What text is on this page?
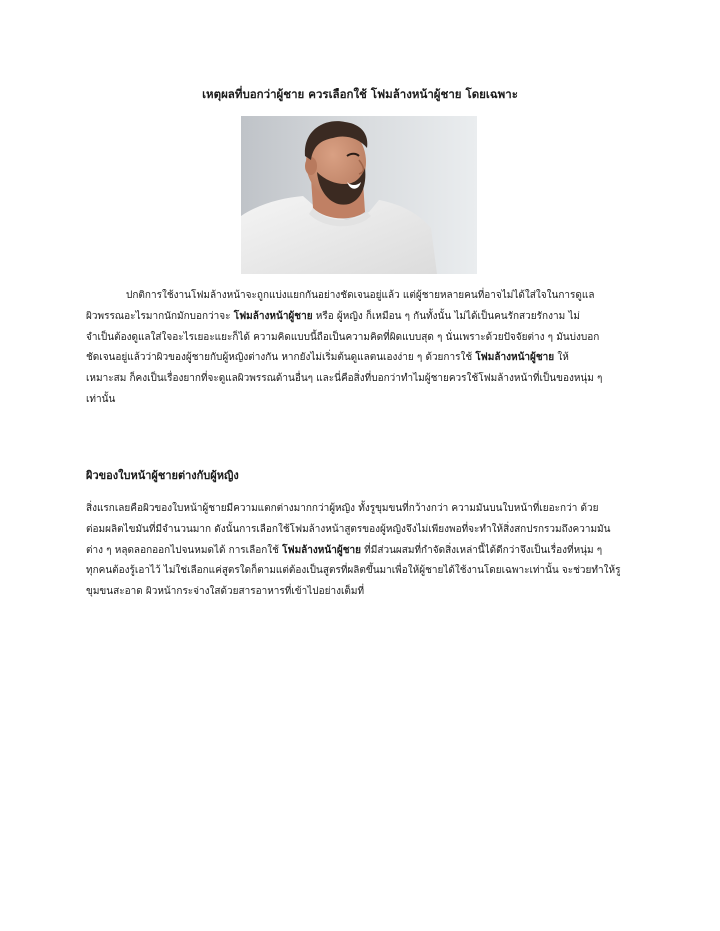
เหตุผลที่บอกว่าผู้ชาย ควรเลือกใช้ โฟมล้างหน้าผู้ชาย โดยเฉพาะ
ปกติการใช้งานโฟมล้างหน้าจะถูกแบ่งแยกกันอย่างชัดเจนอยู่แล้ว แต่ผู้ชายหลายคนที่อาจไม่ได้ใส่ใจในการดูแล
ผิวพรรณอะไรมากนักมักบอกว่าจะ โฟมล้างหน้าผู้ชาย หรือ ผู้หญิง ก็เหมือน ๆ กันทั้งนั้น ไม่ได้เป็นคนรักสวยรักงาม ไม่
จำเป็นต้องดูแลใส่ใจอะไรเยอะแยะก็ได้ ความคิดแบบนี้ถือเป็นความคิดที่ผิดแบบสุด ๆ นั่นเพราะด้วยปัจจัยต่าง ๆ มันบ่งบอก
ชัดเจนอยู่แล้วว่าผิวของผู้ชายกับผู้หญิงต่างกัน หากยังไม่เริ่มต้นดูแลตนเองง่าย ๆ ด้วยการใช้ โฟมล้างหน้าผู้ชาย ให้
เหมาะสม ก็คงเป็นเรื่องยากที่จะดูแลผิวพรรณด้านอื่นๆ และนี่คือสิ่งที่บอกว่าทำไมผู้ชายควรใช้โฟมล้างหน้าที่เป็นของหนุ่ม ๆ
เท่านั้น
ผิวของใบหน้าผู้ชายต่างกับผู้หญิง
สิ่งแรกเลยคือผิวของใบหน้าผู้ชายมีความแตกต่างมากกว่าผู้หญิง ทั้งรูขุมขนที่กว้างกว่า ความมันบนใบหน้าที่เยอะกว่า ด้วย
ต่อมผลิตไขมันที่มีจำนวนมาก ดังนั้นการเลือกใช้โฟมล้างหน้าสูตรของผู้หญิงจึงไม่เพียงพอที่จะทำให้สิ่งสกปรกรวมถึงความมัน
ต่าง ๆ หลุดลอกออกไปจนหมดได้ การเลือกใช้ โฟมล้างหน้าผู้ชาย ที่มีส่วนผสมที่กำจัดสิ่งเหล่านี้ได้ดีกว่าจึงเป็นเรื่องที่หนุ่ม ๆ
ทุกคนต้องรู้เอาไว้ ไม่ใช่เลือกแค่สูตรใดก็ตามแต่ต้องเป็นสูตรที่ผลิตขึ้นมาเพื่อให้ผู้ชายได้ใช้งานโดยเฉพาะเท่านั้น จะช่วยทำให้รู
ขุมขนสะอาด ผิวหน้ากระจ่างใสด้วยสารอาหารที่เข้าไปอย่างเต็มที่
